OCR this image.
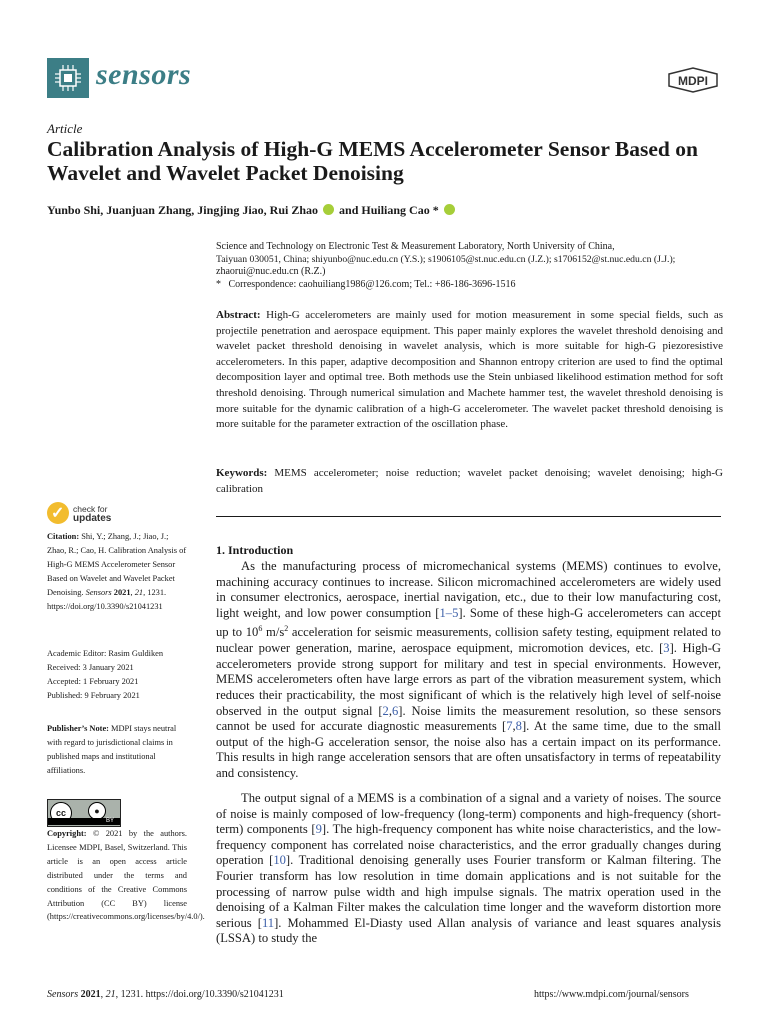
sensors	MDPI
Article
Calibration Analysis of High-G MEMS Accelerometer Sensor Based on Wavelet and Wavelet Packet Denoising
Yunbo Shi, Juanjuan Zhang, Jingjing Jiao, Rui Zhao and Huiliang Cao *
Science and Technology on Electronic Test & Measurement Laboratory, North University of China,
Taiyuan 030051, China; shiyunbo@nuc.edu.cn (Y.S.); s1906105@st.nuc.edu.cn (J.Z.); s1706152@st.nuc.edu.cn (J.J.);
zhaorui@nuc.edu.cn (R.Z.)
*   Correspondence: caohuiliang1986@126.com; Tel.: +86-186-3696-1516
Abstract: High-G accelerometers are mainly used for motion measurement in some special fields, such as projectile penetration and aerospace equipment. This paper mainly explores the wavelet threshold denoising and wavelet packet threshold denoising in wavelet analysis, which is more suitable for high-G piezoresistive accelerometers. In this paper, adaptive decomposition and Shannon entropy criterion are used to find the optimal decomposition layer and optimal tree. Both methods use the Stein unbiased likelihood estimation method for soft threshold denoising. Through numerical simulation and Machete hammer test, the wavelet threshold denoising is more suitable for the dynamic calibration of a high-G accelerometer. The wavelet packet threshold denoising is more suitable for the parameter extraction of the oscillation phase.
Keywords: MEMS accelerometer; noise reduction; wavelet packet denoising; wavelet denoising; high-G calibration
✓ check for
updates
Citation: Shi, Y.; Zhang, J.; Jiao, J.; Zhao, R.; Cao, H. Calibration Analysis of High-G MEMS Accelerometer Sensor Based on Wavelet and Wavelet Packet Denoising. Sensors 2021, 21, 1231. https://doi.org/10.3390/s21041231
Academic Editor: Rasim Guldiken
Received: 3 January 2021
Accepted: 1 February 2021
Published: 9 February 2021
Publisher’s Note: MDPI stays neutral with regard to jurisdictional claims in published maps and institutional affiliations.
cc	●
BY
Copyright: © 2021 by the authors. Licensee MDPI, Basel, Switzerland. This article is an open access article distributed under the terms and conditions of the Creative Commons Attribution (CC BY) license (https://creativecommons.org/licenses/by/4.0/).
1. Introduction
As the manufacturing process of micromechanical systems (MEMS) continues to evolve, machining accuracy continues to increase. Silicon micromachined accelerometers are widely used in consumer electronics, aerospace, inertial navigation, etc., due to their low manufacturing cost, light weight, and low power consumption [1–5]. Some of these high-G accelerometers can accept up to $10^6$ $m/s^2$ acceleration for seismic measurements, collision safety testing, equipment related to nuclear power generation, marine, aerospace equipment, micromotion devices, etc. [3]. High-G accelerometers provide strong support for military and test in special environments. However, MEMS accelerometers often have large errors as part of the vibration measurement system, which reduces their practicability, the most significant of which is the relatively high level of self-noise observed in the output signal [2,6]. Noise limits the measurement resolution, so these sensors cannot be used for accurate diagnostic measurements [7,8]. At the same time, due to the small output of the high-G acceleration sensor, the noise also has a certain impact on its performance. This results in high range acceleration sensors that are often unsatisfactory in terms of repeatability and consistency.
The output signal of a MEMS is a combination of a signal and a variety of noises. The source of noise is mainly composed of low-frequency (long-term) components and high-frequency (short-term) components [9]. The high-frequency component has white noise characteristics, and the low-frequency component has correlated noise characteristics, and the error gradually changes during operation [10]. Traditional denoising generally uses Fourier transform or Kalman filtering. The Fourier transform has low resolution in time domain applications and is not suitable for the processing of narrow pulse width and high impulse signals. The matrix operation used in the denoising of a Kalman Filter makes the calculation time longer and the waveform distortion more serious [11]. Mohammed El-Diasty used Allan analysis of variance and least squares analysis (LSSA) to study the
Sensors 2021, 21, 1231. https://doi.org/10.3390/s21041231	https://www.mdpi.com/journal/sensors
